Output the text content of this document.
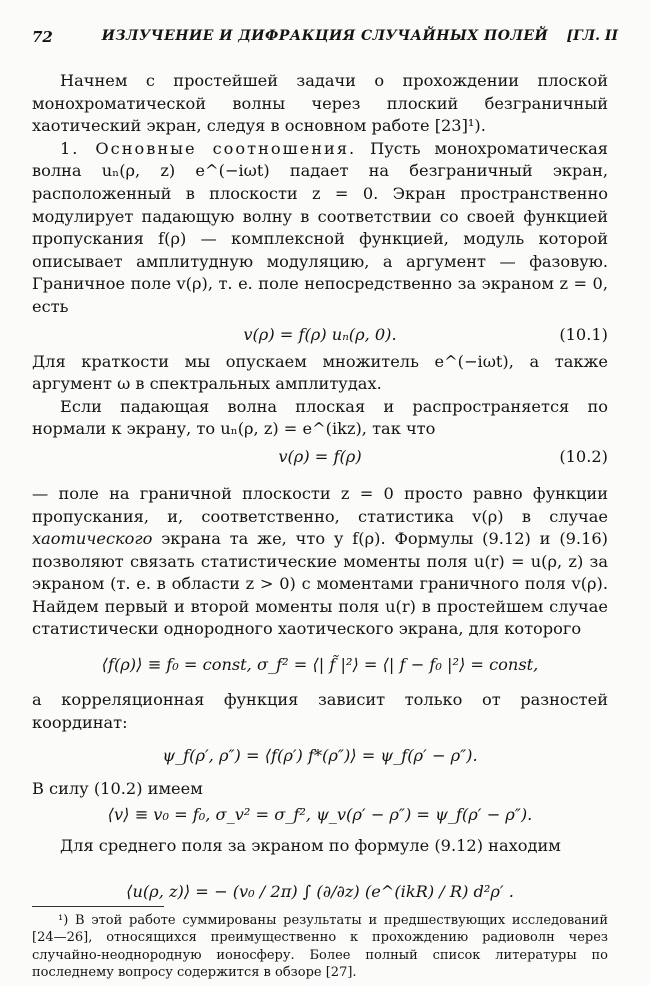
72	ИЗЛУЧЕНИЕ И ДИФРАКЦИЯ СЛУЧАЙНЫХ ПОЛЕЙ	[ГЛ. II

Начнем с простейшей задачи о прохождении плоской монохроматической волны через плоский безграничный хаотический экран, следуя в основном работе [23]¹).

1. Основные соотношения. Пусть монохроматическая волна uₙ(ρ, z) e^(−iωt) падает на безграничный экран, расположенный в плоскости z = 0. Экран пространственно модулирует падающую волну в соответствии со своей функцией пропускания f(ρ) — комплексной функцией, модуль которой описывает амплитудную модуляцию, а аргумент — фазовую. Граничное поле v(ρ), т. е. поле непосредственно за экраном z = 0, есть

v(ρ) = f(ρ) uₙ(ρ, 0).	(10.1)

Для краткости мы опускаем множитель e^(−iωt), а также аргумент ω в спектральных амплитудах.

Если падающая волна плоская и распространяется по нормали к экрану, то uₙ(ρ, z) = e^(ikz), так что

v(ρ) = f(ρ)	(10.2)

— поле на граничной плоскости z = 0 просто равно функции пропускания, и, соответственно, статистика v(ρ) в случае хаотического экрана та же, что у f(ρ). Формулы (9.12) и (9.16) позволяют связать статистические моменты поля u(r) = u(ρ, z) за экраном (т. е. в области z > 0) с моментами граничного поля v(ρ). Найдем первый и второй моменты поля u(r) в простейшем случае статистически однородного хаотического экрана, для которого

⟨f(ρ)⟩ ≡ f₀ = const, σ_f² = ⟨| f̃ |²⟩ = ⟨| f − f₀ |²⟩ = const,

а корреляционная функция зависит только от разностей координат:

ψ_f(ρ′, ρ″) = ⟨f(ρ′) f*(ρ″)⟩ = ψ_f(ρ′ − ρ″).

В силу (10.2) имеем

⟨v⟩ ≡ v₀ = f₀, σ_v² = σ_f², ψ_v(ρ′ − ρ″) = ψ_f(ρ′ − ρ″).

Для среднего поля за экраном по формуле (9.12) находим

⟨u(ρ, z)⟩ = − (v₀ / 2π) ∫ (∂/∂z) (e^(ikR) / R) d²ρ′ .

¹) В этой работе суммированы результаты и предшествующих исследований [24—26], относящихся преимущественно к прохождению радиоволн через случайно-неоднородную ионосферу. Более полный список литературы по последнему вопросу содержится в обзоре [27].
